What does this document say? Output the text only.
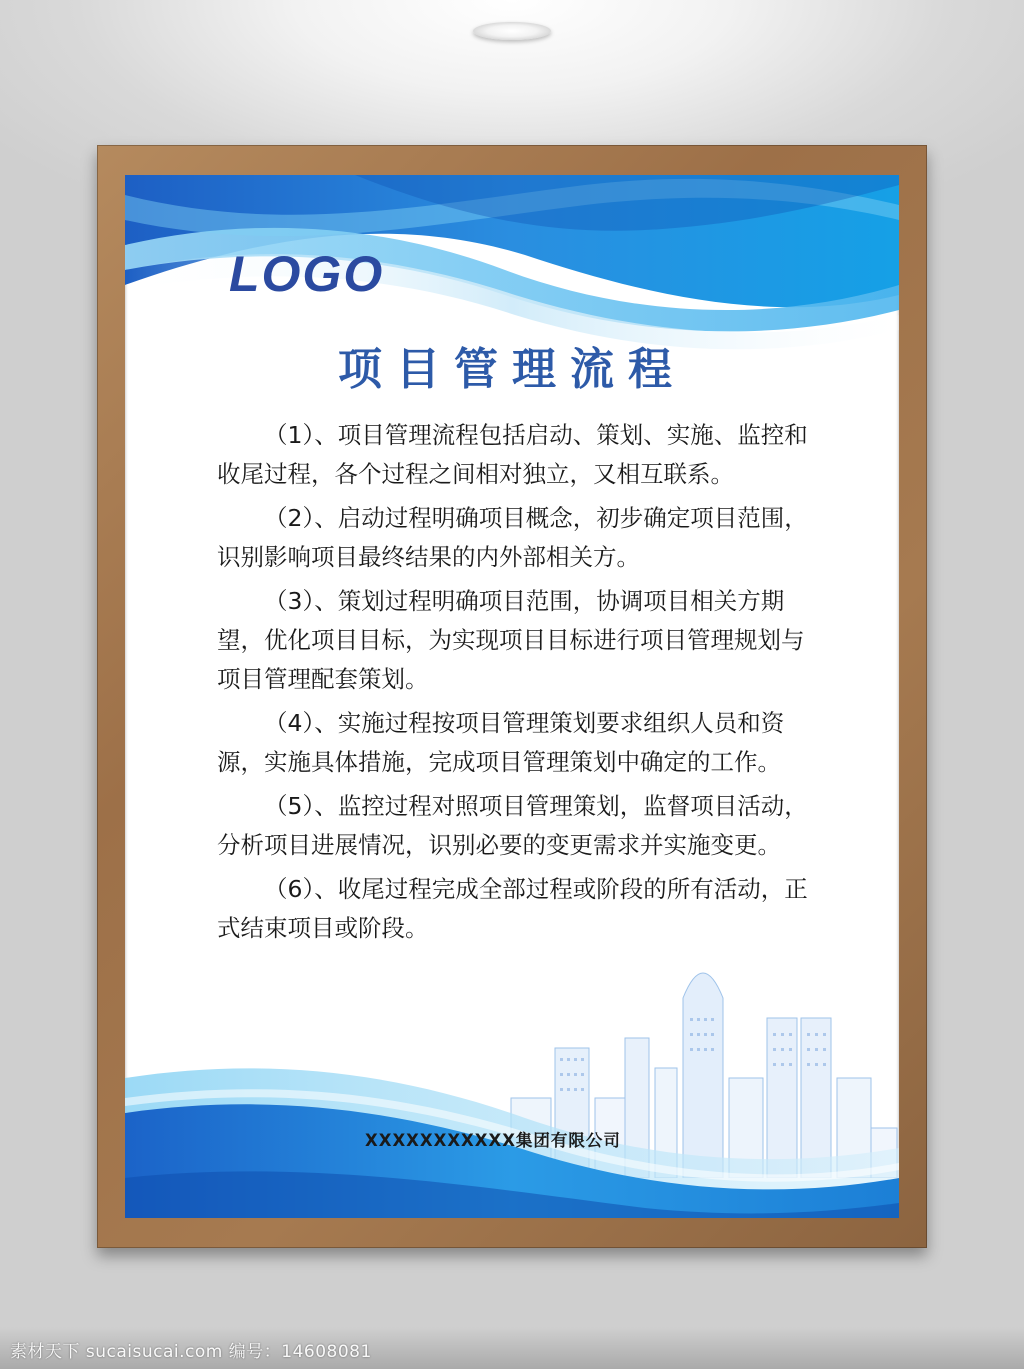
LOGO
项目管理流程

（1）、项目管理流程包括启动、策划、实施、监控和收尾过程，各个过程之间相对独立，又相互联系。

（2）、启动过程明确项目概念，初步确定项目范围，识别影响项目最终结果的内外部相关方。

（3）、策划过程明确项目范围，协调项目相关方期望，优化项目目标，为实现项目目标进行项目管理规划与项目管理配套策划。

（4）、实施过程按项目管理策划要求组织人员和资源，实施具体措施，完成项目管理策划中确定的工作。

（5）、监控过程对照项目管理策划，监督项目活动，分析项目进展情况，识别必要的变更需求并实施变更。

（6）、收尾过程完成全部过程或阶段的所有活动，正式结束项目或阶段。

XXXXXXXXXXX集团有限公司
素材天下 sucaisucai.com 编号：14608081
